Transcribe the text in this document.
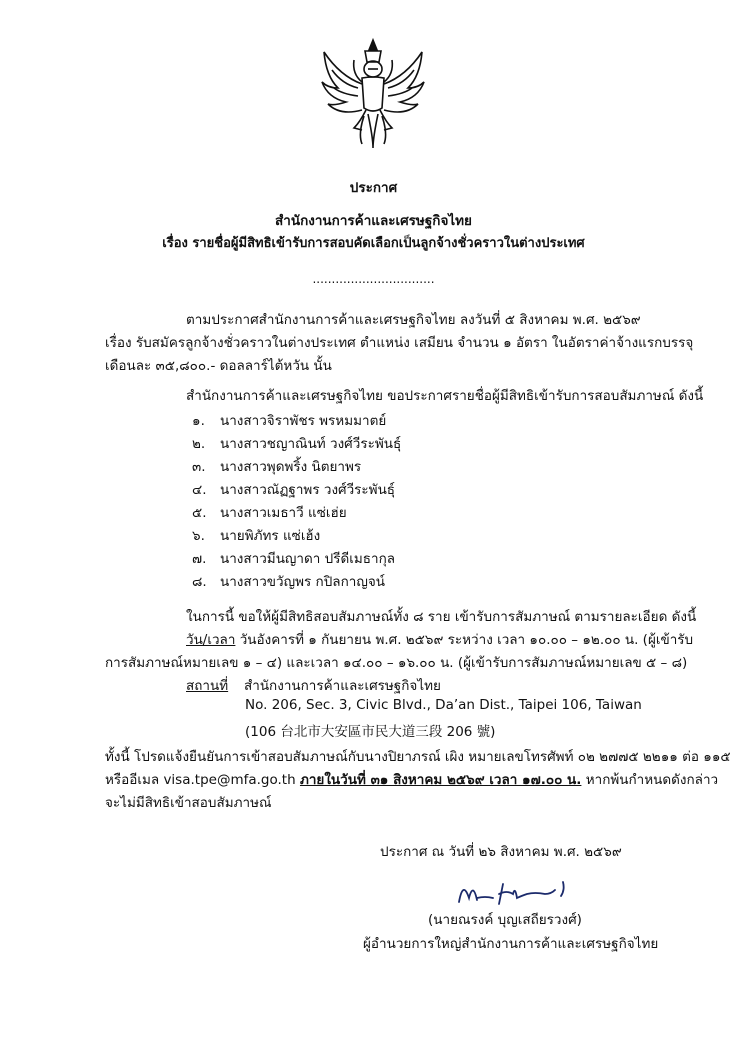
ประกาศ
สำนักงานการค้าและเศรษฐกิจไทย
เรื่อง รายชื่อผู้มีสิทธิเข้ารับการสอบคัดเลือกเป็นลูกจ้างชั่วคราวในต่างประเทศ
................................
ตามประกาศสำนักงานการค้าและเศรษฐกิจไทย ลงวันที่ ๕ สิงหาคม พ.ศ. ๒๕๖๙
เรื่อง รับสมัครลูกจ้างชั่วคราวในต่างประเทศ ตำแหน่ง เสมียน จำนวน ๑ อัตรา ในอัตราค่าจ้างแรกบรรจุ
เดือนละ ๓๕,๘๐๐.- ดอลลาร์ไต้หวัน นั้น
สำนักงานการค้าและเศรษฐกิจไทย ขอประกาศรายชื่อผู้มีสิทธิเข้ารับการสอบสัมภาษณ์ ดังนี้
๑. นางสาวจิราพัชร พรหมมาตย์
๒. นางสาวชญาณินท์ วงศ์วีระพันธุ์
๓. นางสาวพุดพริ้ง นิตยาพร
๔. นางสาวณัฏฐาพร วงศ์วีระพันธุ์
๕. นางสาวเมธาวี แซ่เฮ่ย
๖. นายพิภัทร แซ่เฮ้ง
๗. นางสาวมีนญาดา ปรีดีเมธากุล
๘. นางสาวขวัญพร กปิลกาญจน์
ในการนี้ ขอให้ผู้มีสิทธิสอบสัมภาษณ์ทั้ง ๘ ราย เข้ารับการสัมภาษณ์ ตามรายละเอียด ดังนี้
วัน/เวลา วันอังคารที่ ๑ กันยายน พ.ศ. ๒๕๖๙ ระหว่าง เวลา ๑๐.๐๐ – ๑๒.๐๐ น. (ผู้เข้ารับ
การสัมภาษณ์หมายเลข ๑ – ๔) และเวลา ๑๔.๐๐ – ๑๖.๐๐ น. (ผู้เข้ารับการสัมภาษณ์หมายเลข ๕ – ๘)
สถานที่ สำนักงานการค้าและเศรษฐกิจไทย
No. 206, Sec. 3, Civic Blvd., Da’an Dist., Taipei 106, Taiwan
(106 台北市大安區市民大道三段 206 號)
ทั้งนี้ โปรดแจ้งยืนยันการเข้าสอบสัมภาษณ์กับนางปิยาภรณ์ เผิง หมายเลขโทรศัพท์ ๐๒ ๒๗๗๕ ๒๒๑๑ ต่อ ๑๑๕
หรืออีเมล visa.tpe@mfa.go.th ภายในวันที่ ๓๑ สิงหาคม ๒๕๖๙ เวลา ๑๗.๐๐ น. หากพ้นกำหนดดังกล่าว
จะไม่มีสิทธิเข้าสอบสัมภาษณ์
ประกาศ ณ วันที่ ๒๖ สิงหาคม พ.ศ. ๒๕๖๙
(นายณรงค์ บุญเสถียรวงศ์)
ผู้อำนวยการใหญ่สำนักงานการค้าและเศรษฐกิจไทย
